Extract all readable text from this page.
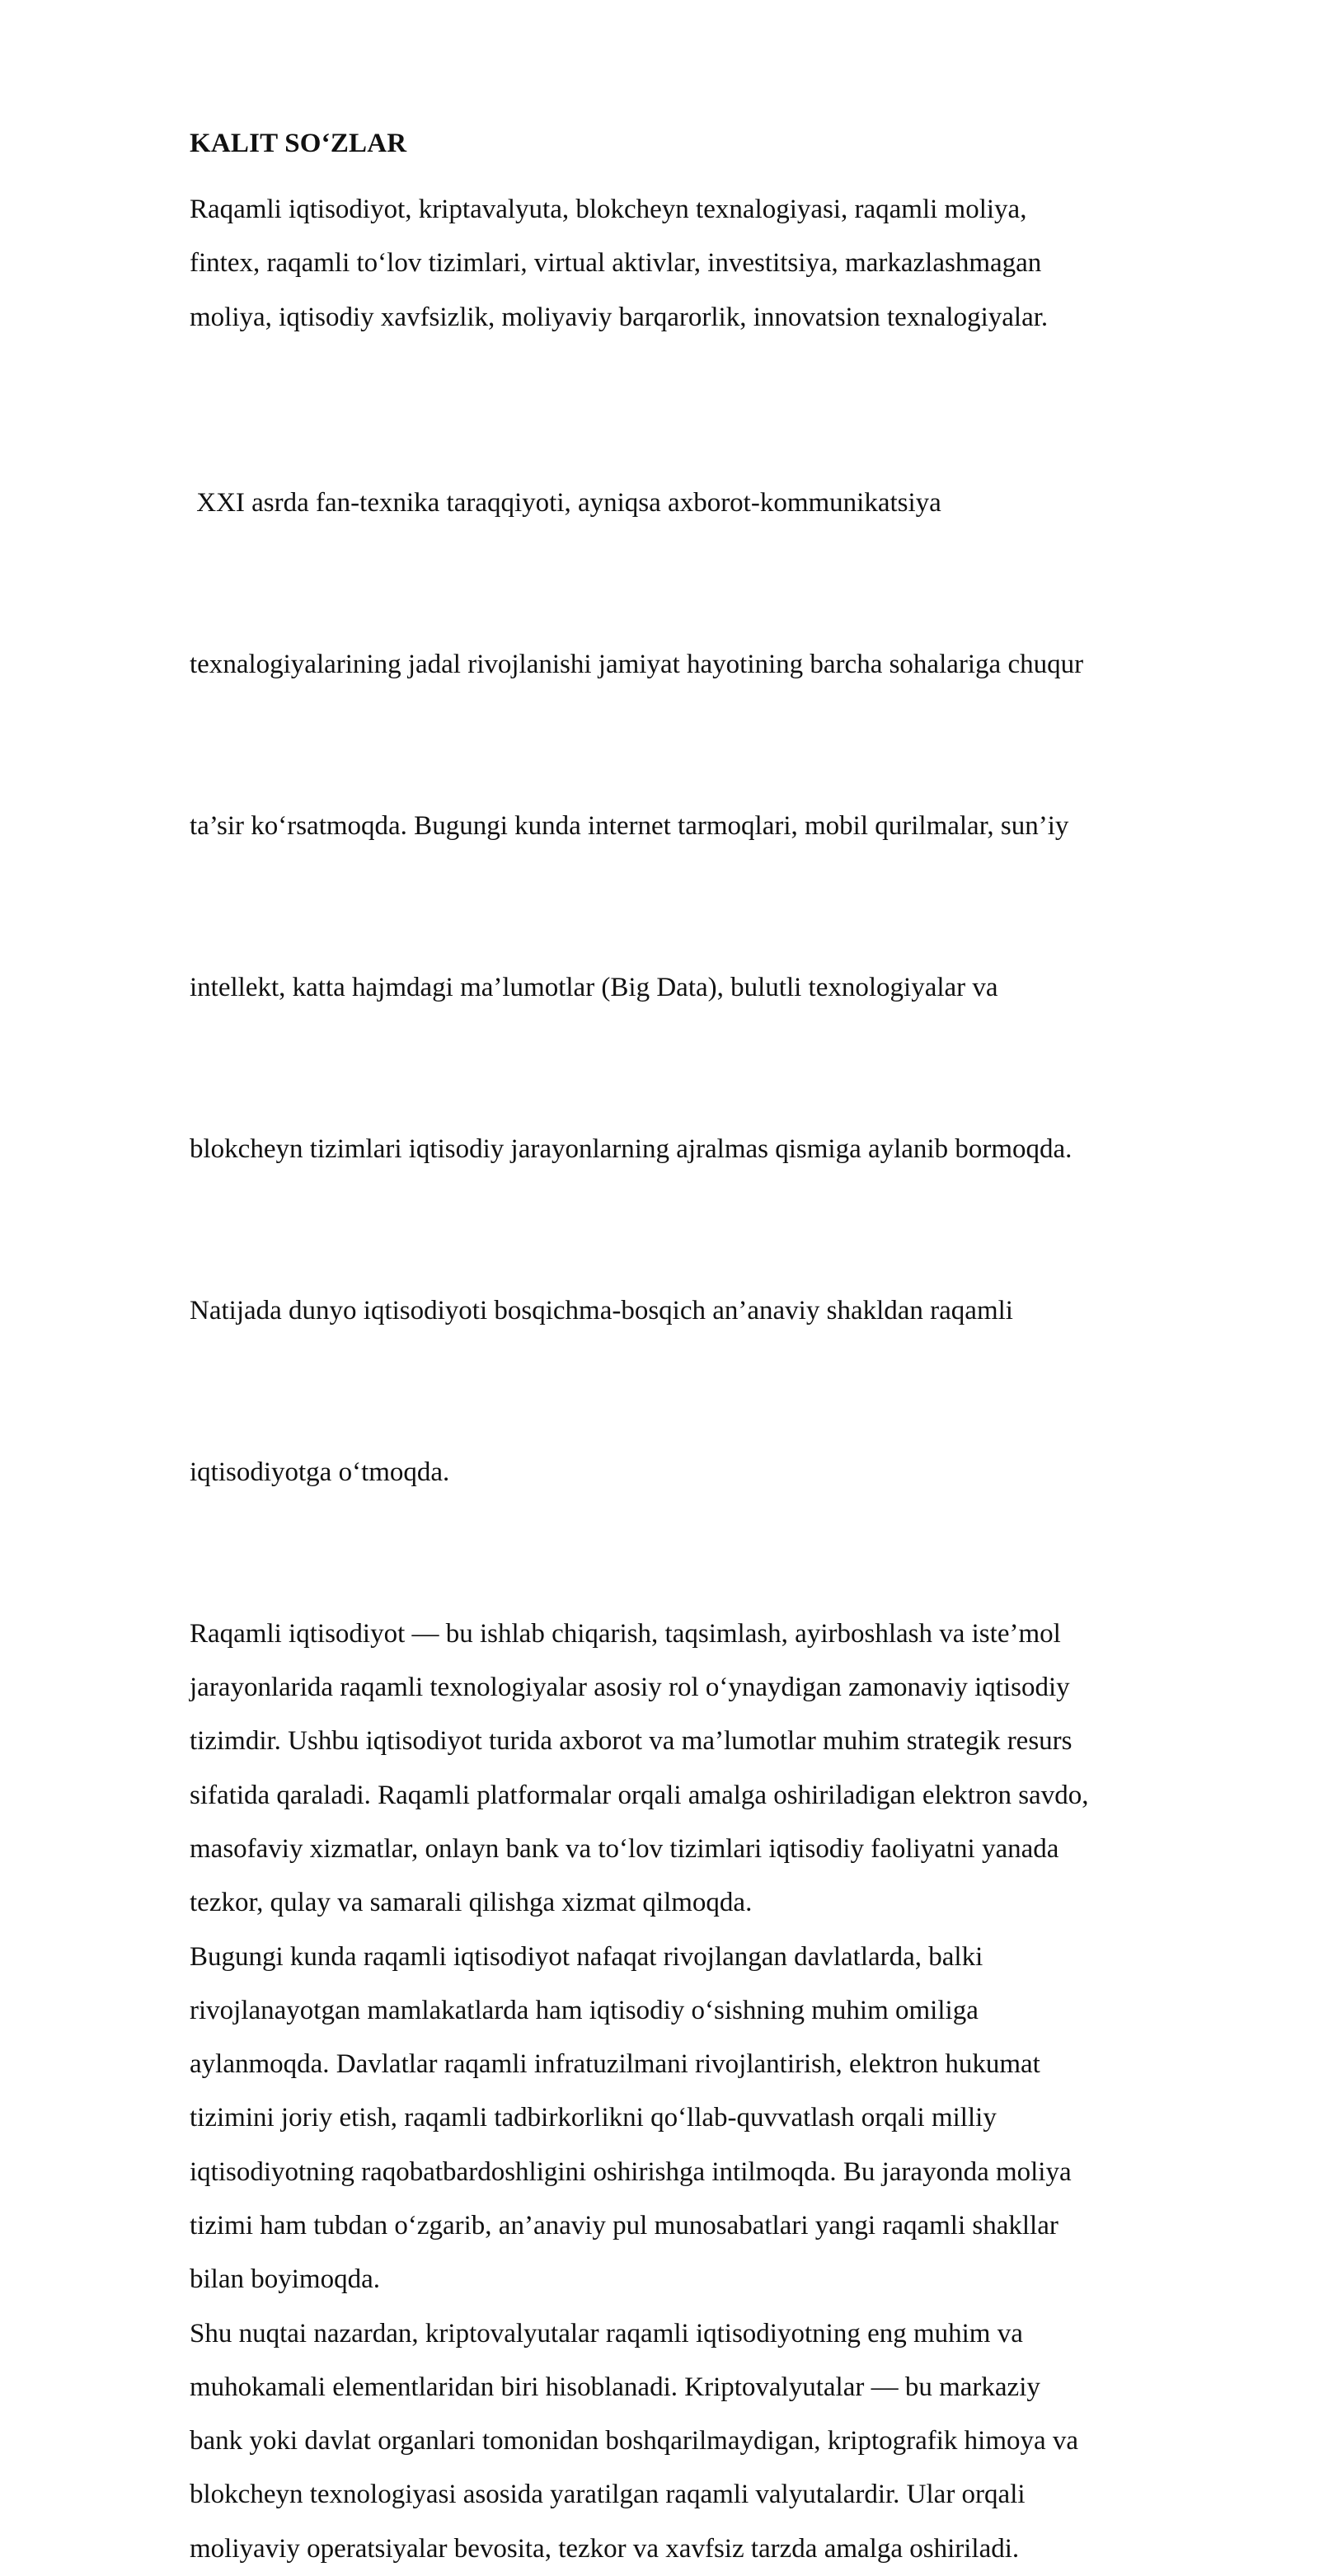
KALIT SO‘ZLAR

Raqamli iqtisodiyot, kriptavalyuta, blokcheyn texnalogiyasi, raqamli moliya,
fintex, raqamli to‘lov tizimlari, virtual aktivlar, investitsiya, markazlashmagan
moliya, iqtisodiy xavfsizlik, moliyaviy barqarorlik, innovatsion texnalogiyalar.

XXI asrda fan-texnika taraqqiyoti, ayniqsa axborot-kommunikatsiya

texnalogiyalarining jadal rivojlanishi jamiyat hayotining barcha sohalariga chuqur

ta’sir ko‘rsatmoqda. Bugungi kunda internet tarmoqlari, mobil qurilmalar, sun’iy

intellekt, katta hajmdagi ma’lumotlar (Big Data), bulutli texnologiyalar va

blokcheyn tizimlari iqtisodiy jarayonlarning ajralmas qismiga aylanib bormoqda.

Natijada dunyo iqtisodiyoti bosqichma-bosqich an’anaviy shakldan raqamli

iqtisodiyotga o‘tmoqda.

Raqamli iqtisodiyot — bu ishlab chiqarish, taqsimlash, ayirboshlash va iste’mol
jarayonlarida raqamli texnologiyalar asosiy rol o‘ynaydigan zamonaviy iqtisodiy
tizimdir. Ushbu iqtisodiyot turida axborot va ma’lumotlar muhim strategik resurs
sifatida qaraladi. Raqamli platformalar orqali amalga oshiriladigan elektron savdo,
masofaviy xizmatlar, onlayn bank va to‘lov tizimlari iqtisodiy faoliyatni yanada
tezkor, qulay va samarali qilishga xizmat qilmoqda.

Bugungi kunda raqamli iqtisodiyot nafaqat rivojlangan davlatlarda, balki
rivojlanayotgan mamlakatlarda ham iqtisodiy o‘sishning muhim omiliga
aylanmoqda. Davlatlar raqamli infratuzilmani rivojlantirish, elektron hukumat
tizimini joriy etish, raqamli tadbirkorlikni qo‘llab-quvvatlash orqali milliy
iqtisodiyotning raqobatbardoshligini oshirishga intilmoqda. Bu jarayonda moliya
tizimi ham tubdan o‘zgarib, an’anaviy pul munosabatlari yangi raqamli shakllar
bilan boyimoqda.

Shu nuqtai nazardan, kriptovalyutalar raqamli iqtisodiyotning eng muhim va
muhokamali elementlaridan biri hisoblanadi. Kriptovalyutalar — bu markaziy
bank yoki davlat organlari tomonidan boshqarilmaydigan, kriptografik himoya va
blokcheyn texnologiyasi asosida yaratilgan raqamli valyutalardir. Ular orqali
moliyaviy operatsiyalar bevosita, tezkor va xavfsiz tarzda amalga oshiriladi.
